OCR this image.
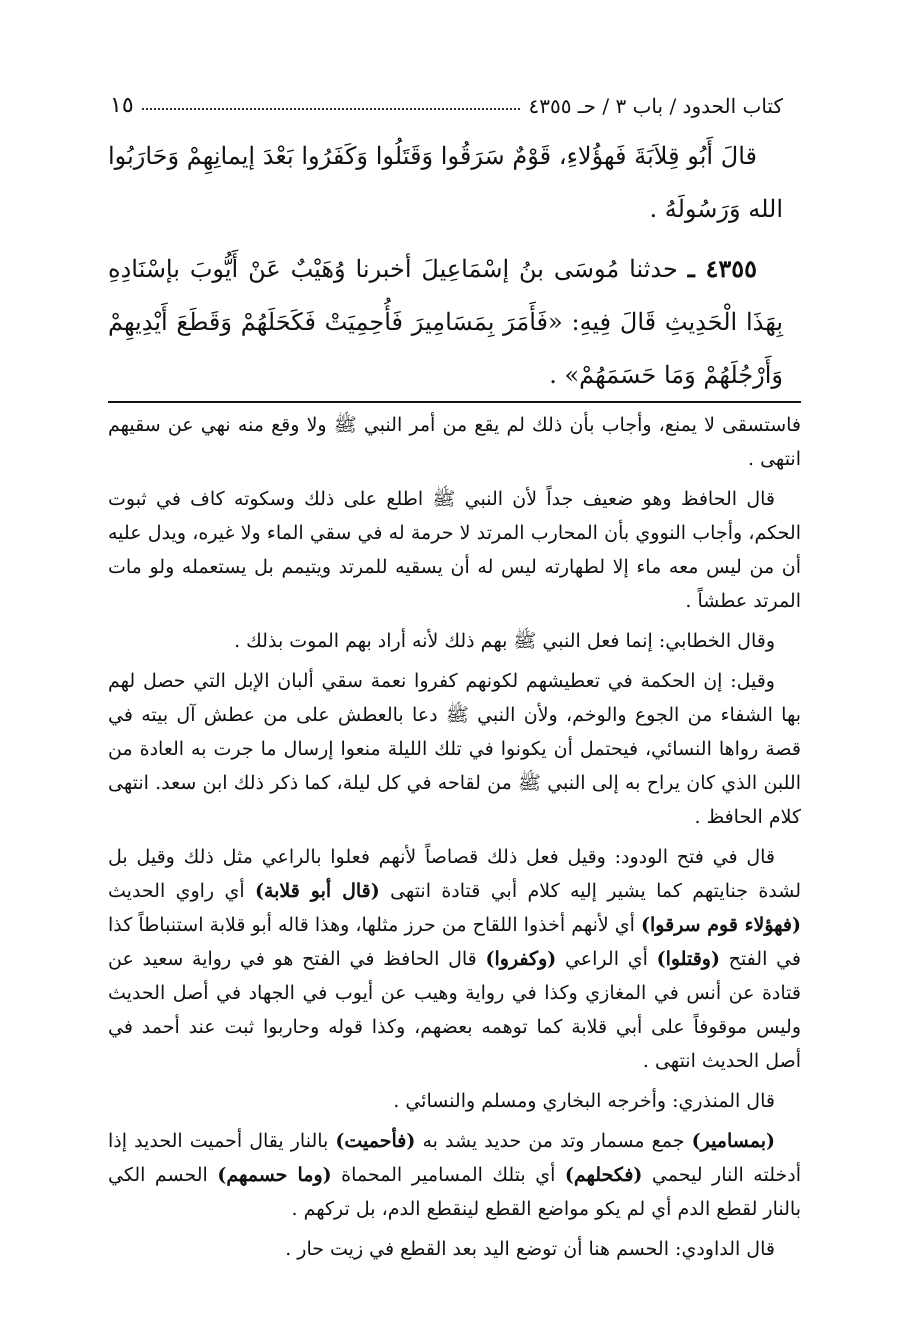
كتاب الحدود / باب ٣ / حـ ٤٣٥٥
١٥

قالَ أَبُو قِلاَبَةَ فَهؤُلاءِ، قَوْمٌ سَرَقُوا وَقَتَلُوا وَكَفَرُوا بَعْدَ إيمانِهِمْ وَحَارَبُوا الله وَرَسُولَهُ .

٤٣٥٥ ـ حدثنا مُوسَى بنُ إسْمَاعِيلَ أخبرنا وُهَيْبٌ عَنْ أَيُّوبَ بإسْنَادِهِ بِهَذَا الْحَدِيثِ قَالَ فِيهِ: «فَأَمَرَ بِمَسَامِيرَ فَأُحِمِيَتْ فَكَحَلَهُمْ وَقَطَعَ أَيْدِيهِمْ وَأَرْجُلَهُمْ وَمَا حَسَمَهُمْ» .

فاستسقى لا يمنع، وأجاب بأن ذلك لم يقع من أمر النبي ﷺ ولا وقع منه نهي عن سقيهم انتهى .

قال الحافظ وهو ضعيف جداً لأن النبي ﷺ اطلع على ذلك وسكوته كاف في ثبوت الحكم، وأجاب النووي بأن المحارب المرتد لا حرمة له في سقي الماء ولا غيره، ويدل عليه أن من ليس معه ماء إلا لطهارته ليس له أن يسقيه للمرتد ويتيمم بل يستعمله ولو مات المرتد عطشاً .

وقال الخطابي: إنما فعل النبي ﷺ بهم ذلك لأنه أراد بهم الموت بذلك .

وقيل: إن الحكمة في تعطيشهم لكونهم كفروا نعمة سقي ألبان الإبل التي حصل لهم بها الشفاء من الجوع والوخم، ولأن النبي ﷺ دعا بالعطش على من عطش آل بيته في قصة رواها النسائي، فيحتمل أن يكونوا في تلك الليلة منعوا إرسال ما جرت به العادة من اللبن الذي كان يراح به إلى النبي ﷺ من لقاحه في كل ليلة، كما ذكر ذلك ابن سعد. انتهى كلام الحافظ .

قال في فتح الودود: وقيل فعل ذلك قصاصاً لأنهم فعلوا بالراعي مثل ذلك وقيل بل لشدة جنايتهم كما يشير إليه كلام أبي قتادة انتهى (قال أبو قلابة) أي راوي الحديث (فهؤلاء قوم سرقوا) أي لأنهم أخذوا اللقاح من حرز مثلها، وهذا قاله أبو قلابة استنباطاً كذا في الفتح (وقتلوا) أي الراعي (وكفروا) قال الحافظ في الفتح هو في رواية سعيد عن قتادة عن أنس في المغازي وكذا في رواية وهيب عن أيوب في الجهاد في أصل الحديث وليس موقوفاً على أبي قلابة كما توهمه بعضهم، وكذا قوله وحاربوا ثبت عند أحمد في أصل الحديث انتهى .

قال المنذري: وأخرجه البخاري ومسلم والنسائي .

(بمسامير) جمع مسمار وتد من حديد يشد به (فأحميت) بالنار يقال أحميت الحديد إذا أدخلته النار ليحمي (فكحلهم) أي بتلك المسامير المحماة (وما حسمهم) الحسم الكي بالنار لقطع الدم أي لم يكو مواضع القطع لينقطع الدم، بل تركهم .

قال الداودي: الحسم هنا أن توضع اليد بعد القطع في زيت حار .
